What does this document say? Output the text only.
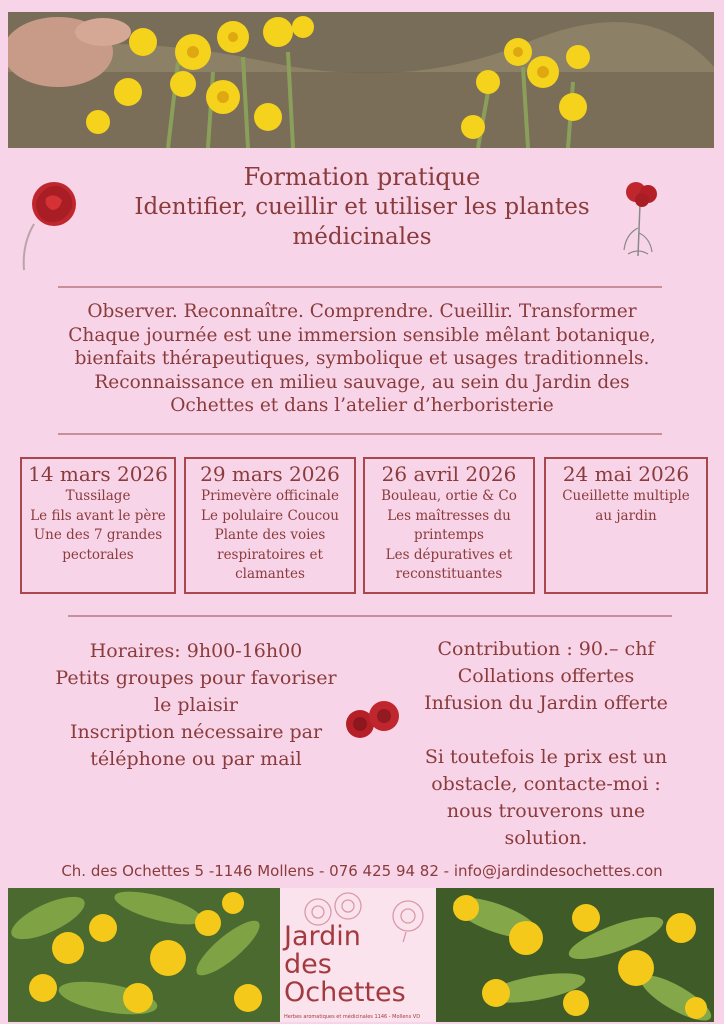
Formation pratique
Identifier, cueillir et utiliser les plantes
médicinales
Observer. Reconnaître. Comprendre. Cueillir. Transformer
Chaque journée est une immersion sensible mêlant botanique,
bienfaits thérapeutiques, symbolique et usages traditionnels.
Reconnaissance en milieu sauvage, au sein du Jardin des
Ochettes et dans l’atelier d’herboristerie
14 mars 2026
Tussilage
Le fils avant le père
Une des 7 grandes
pectorales
29 mars 2026
Primevère officinale
Le polulaire Coucou
Plante des voies
respiratoires et
clamantes
26 avril 2026
Bouleau, ortie & Co
Les maîtresses du
printemps
Les dépuratives et
reconstituantes
24 mai 2026
Cueillette multiple
au jardin
Horaires: 9h00-16h00
Petits groupes pour favoriser
le plaisir
Inscription nécessaire par
téléphone ou par mail
Contribution : 90.– chf
Collations offertes
Infusion du Jardin offerte
Si toutefois le prix est un
obstacle, contacte-moi :
nous trouverons une
solution.
Ch. des Ochettes 5 -1146 Mollens - 076 425 94 82 - info@jardindesochettes.con
Jardin
des
Ochettes
Herbes aromatiques et médicinales 1146 - Mollens VD
